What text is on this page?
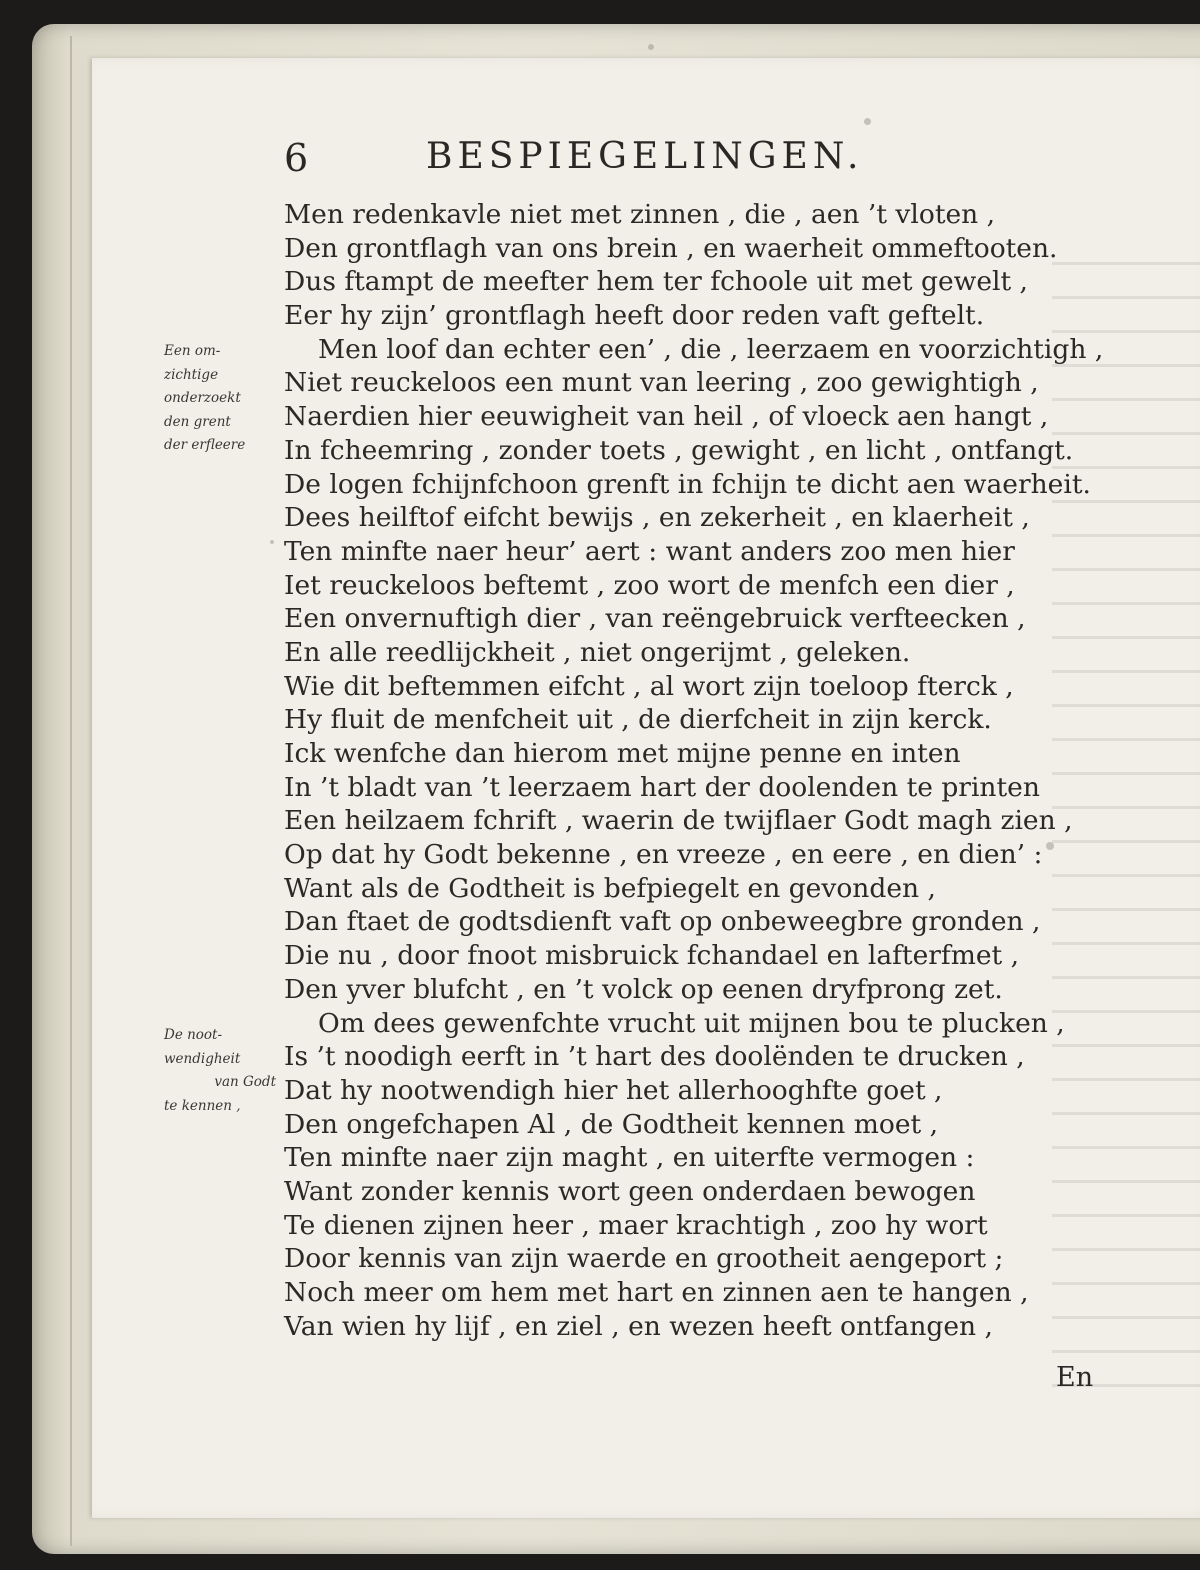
6	BESPIEGELINGEN.
Een om-
zichtige
onderzoekt
den grent
der erfleere
De noot-
wendigheit
van Godt
te kennen ,
Men redenkavle niet met zinnen , die , aen ’t vloten ,
Den grontflagh van ons brein , en waerheit ommeftooten.
Dus ftampt de meefter hem ter fchoole uit met gewelt ,
Eer hy zijn’ grontflagh heeft door reden vaft geftelt.
Men loof dan echter een’ , die , leerzaem en voorzichtigh ,
Niet reuckeloos een munt van leering , zoo gewightigh ,
Naerdien hier eeuwigheit van heil , of vloeck aen hangt ,
In fcheemring , zonder toets , gewight , en licht , ontfangt.
De logen fchijnfchoon grenft in fchijn te dicht aen waerheit.
Dees heilftof eifcht bewijs , en zekerheit , en klaerheit ,
Ten minfte naer heur’ aert : want anders zoo men hier
Iet reuckeloos beftemt , zoo wort de menfch een dier ,
Een onvernuftigh dier , van reëngebruick verfteecken ,
En alle reedlijckheit , niet ongerijmt , geleken.
Wie dit beftemmen eifcht , al wort zijn toeloop fterck ,
Hy fluit de menfcheit uit , de dierfcheit in zijn kerck.
Ick wenfche dan hierom met mijne penne en inten
In ’t bladt van ’t leerzaem hart der doolenden te printen
Een heilzaem fchrift , waerin de twijflaer Godt magh zien ,
Op dat hy Godt bekenne , en vreeze , en eere , en dien’ :
Want als de Godtheit is befpiegelt en gevonden ,
Dan ftaet de godtsdienft vaft op onbeweegbre gronden ,
Die nu , door fnoot misbruick fchandael en lafterfmet ,
Den yver blufcht , en ’t volck op eenen dryfprong zet.
Om dees gewenfchte vrucht uit mijnen bou te plucken ,
Is ’t noodigh eerft in ’t hart des doolënden te drucken ,
Dat hy nootwendigh hier het allerhooghfte goet ,
Den ongefchapen Al , de Godtheit kennen moet ,
Ten minfte naer zijn maght , en uiterfte vermogen :
Want zonder kennis wort geen onderdaen bewogen
Te dienen zijnen heer , maer krachtigh , zoo hy wort
Door kennis van zijn waerde en grootheit aengeport ;
Noch meer om hem met hart en zinnen aen te hangen ,
Van wien hy lijf , en ziel , en wezen heeft ontfangen ,
En
